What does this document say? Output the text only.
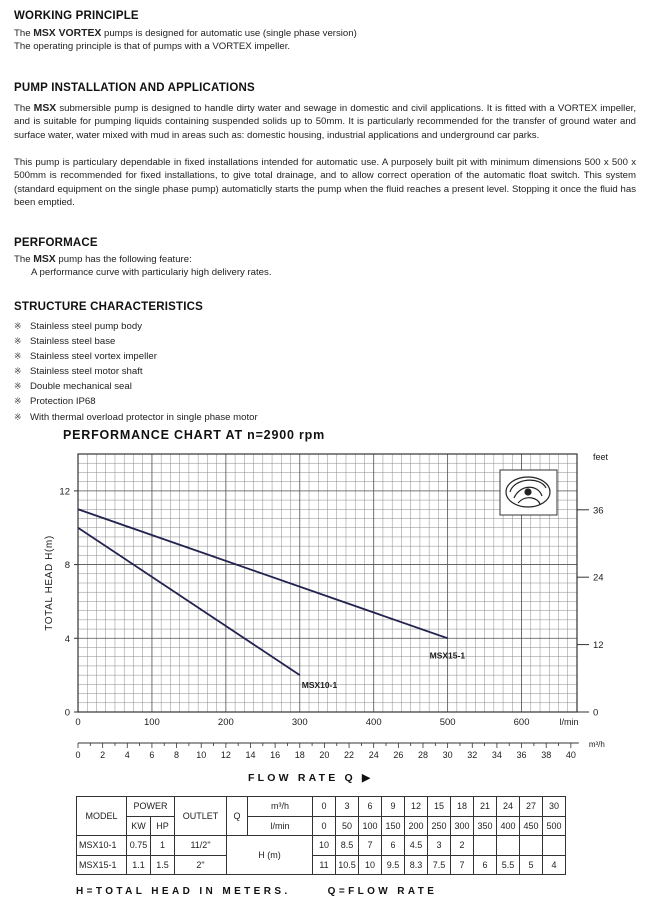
WORKING PRINCIPLE
The MSX VORTEX pumps is designed for automatic use (single phase version)
The operating principle is that of pumps with a VORTEX impeller.
PUMP INSTALLATION AND APPLICATIONS
The MSX submersible pump is designed to handle dirty water and sewage in domestic and civil applications. It is fitted with a VORTEX impeller, and is suitable for pumping liquids containing suspended solids up to 50mm. It is particularly recommended for the transfer of ground water and surface water, water mixed with mud in areas such as: domestic housing, industrial applications and underground car parks.
This pump is particulary dependable in fixed installations intended for automatic use. A purposely built pit with minimum dimensions 500 x 500 x 500mm is recommended for fixed installations, to give total drainage, and to allow correct operation of the automatic float switch. This system (standard equipment on the single phase pump) automaticlly starts the pump when the fluid reaches a present level. Stopping it once the fluid has been emptied.
PERFORMACE
The MSX pump has the following feature:
A performance curve with particulariy high delivery rates.
STRUCTURE CHARACTERISTICS
※ Stainless steel pump body
※ Stainless steel base
※ Stainless steel vortex impeller
※ Stainless steel motor shaft
※ Double mechanical seal
※ Protection IP68
※ With thermal overload protector in single phase motor
PERFORMANCE CHART AT n=2900 rpm
0
4
8
12
0
12
24
36
feet
TOTAL HEAD H(m)
0	100	200	300	400	500	600	l/min
0 2 4 6 8 10 12 14 16 18 20 22 24 26 28 30 32 34 36 38 40
m³/h
MSX10-1
MSX15-1
FLOW RATE Q ▶
MODEL	POWER		OUTLET	Q	m³/h	0	3	6	9	12	15	18	21	24	27	30
	KW	HP			l/min	0	50	100	150	200	250	300	350	400	450	500
MSX10-1	0.75	1	11/2"	H (m)		10	8.5	7	6	4.5	3	2				
MSX15-1	1.1	1.5	2"			11	10.5	10	9.5	8.3	7.5	7	6	5.5	5	4
H=TOTAL HEAD IN METERS.      Q=FLOW RATE
